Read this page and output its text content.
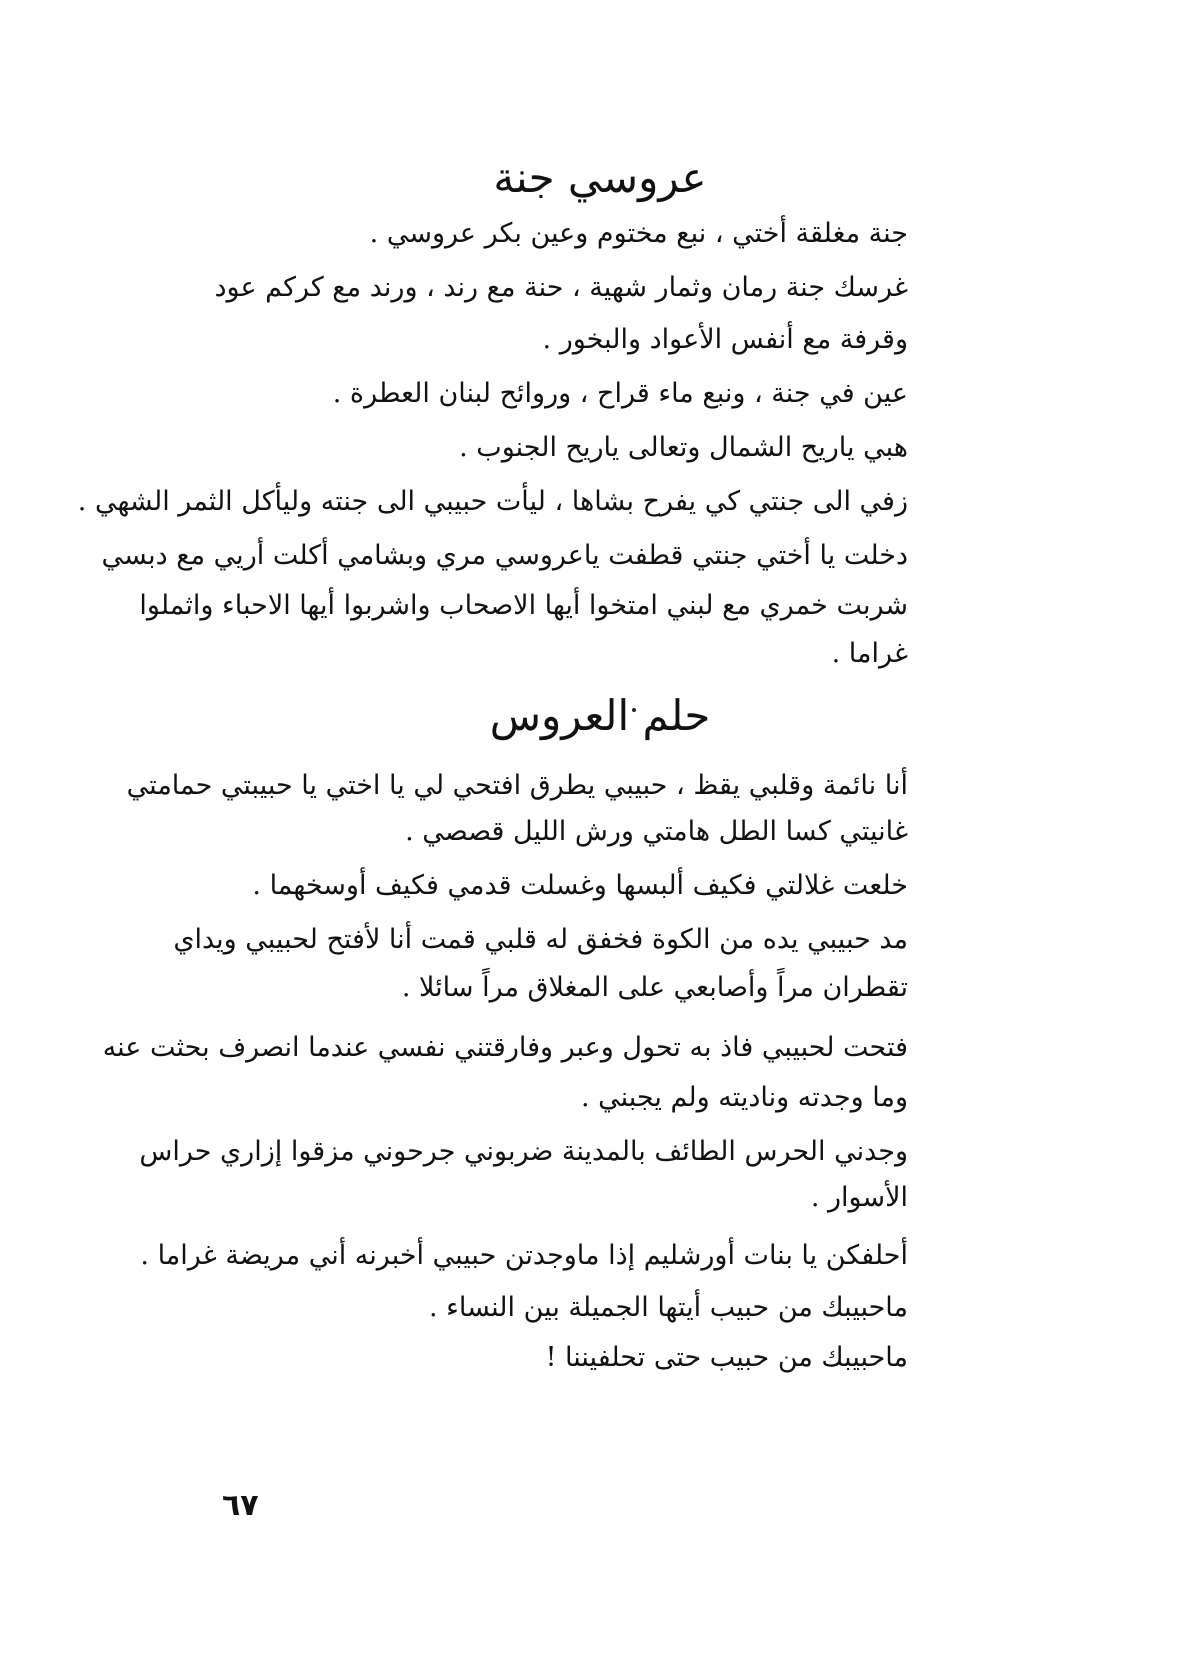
عروسي جنة
جنة مغلقة أختي ، نبع مختوم وعين بكر عروسي .
غرسك جنة رمان وثمار شهية ، حنة مع رند ، ورند مع كركم عود
وقرفة مع أنفس الأعواد والبخور .
عين في جنة ، ونبع ماء قراح ، وروائح لبنان العطرة .
هبي ياريح الشمال وتعالى ياريح الجنوب .
زفي الى جنتي كي يفرح بشاها ، ليأت حبيبي الى جنته وليأكل الثمر الشهي .
دخلت يا أختي جنتي قطفت ياعروسي مري وبشامي أكلت أريي مع دبسي
شربت خمري مع لبني امتخوا أيها الاصحاب واشربوا أيها الاحباء واثملوا
غراما .
حلم العروس
أنا نائمة وقلبي يقظ ، حبيبي يطرق افتحي لي يا اختي يا حبيبتي حمامتي
غانيتي كسا الطل هامتي ورش الليل قصصي .
خلعت غلالتي فكيف ألبسها وغسلت قدمي فكيف أوسخهما .
مد حبيبي يده من الكوة فخفق له قلبي قمت أنا لأفتح لحبيبي ويداي
تقطران مراً وأصابعي على المغلاق مراً سائلا .
فتحت لحبيبي فاذ به تحول وعبر وفارقتني نفسي عندما انصرف بحثت عنه
وما وجدته وناديته ولم يجبني .
وجدني الحرس الطائف بالمدينة ضربوني جرحوني مزقوا إزاري حراس
الأسوار .
أحلفكن يا بنات أورشليم إذا ماوجدتن حبيبي أخبرنه أني مريضة غراما .
ماحبيبك من حبيب أيتها الجميلة بين النساء .
ماحبيبك من حبيب حتى تحلفيننا !
٦٧
